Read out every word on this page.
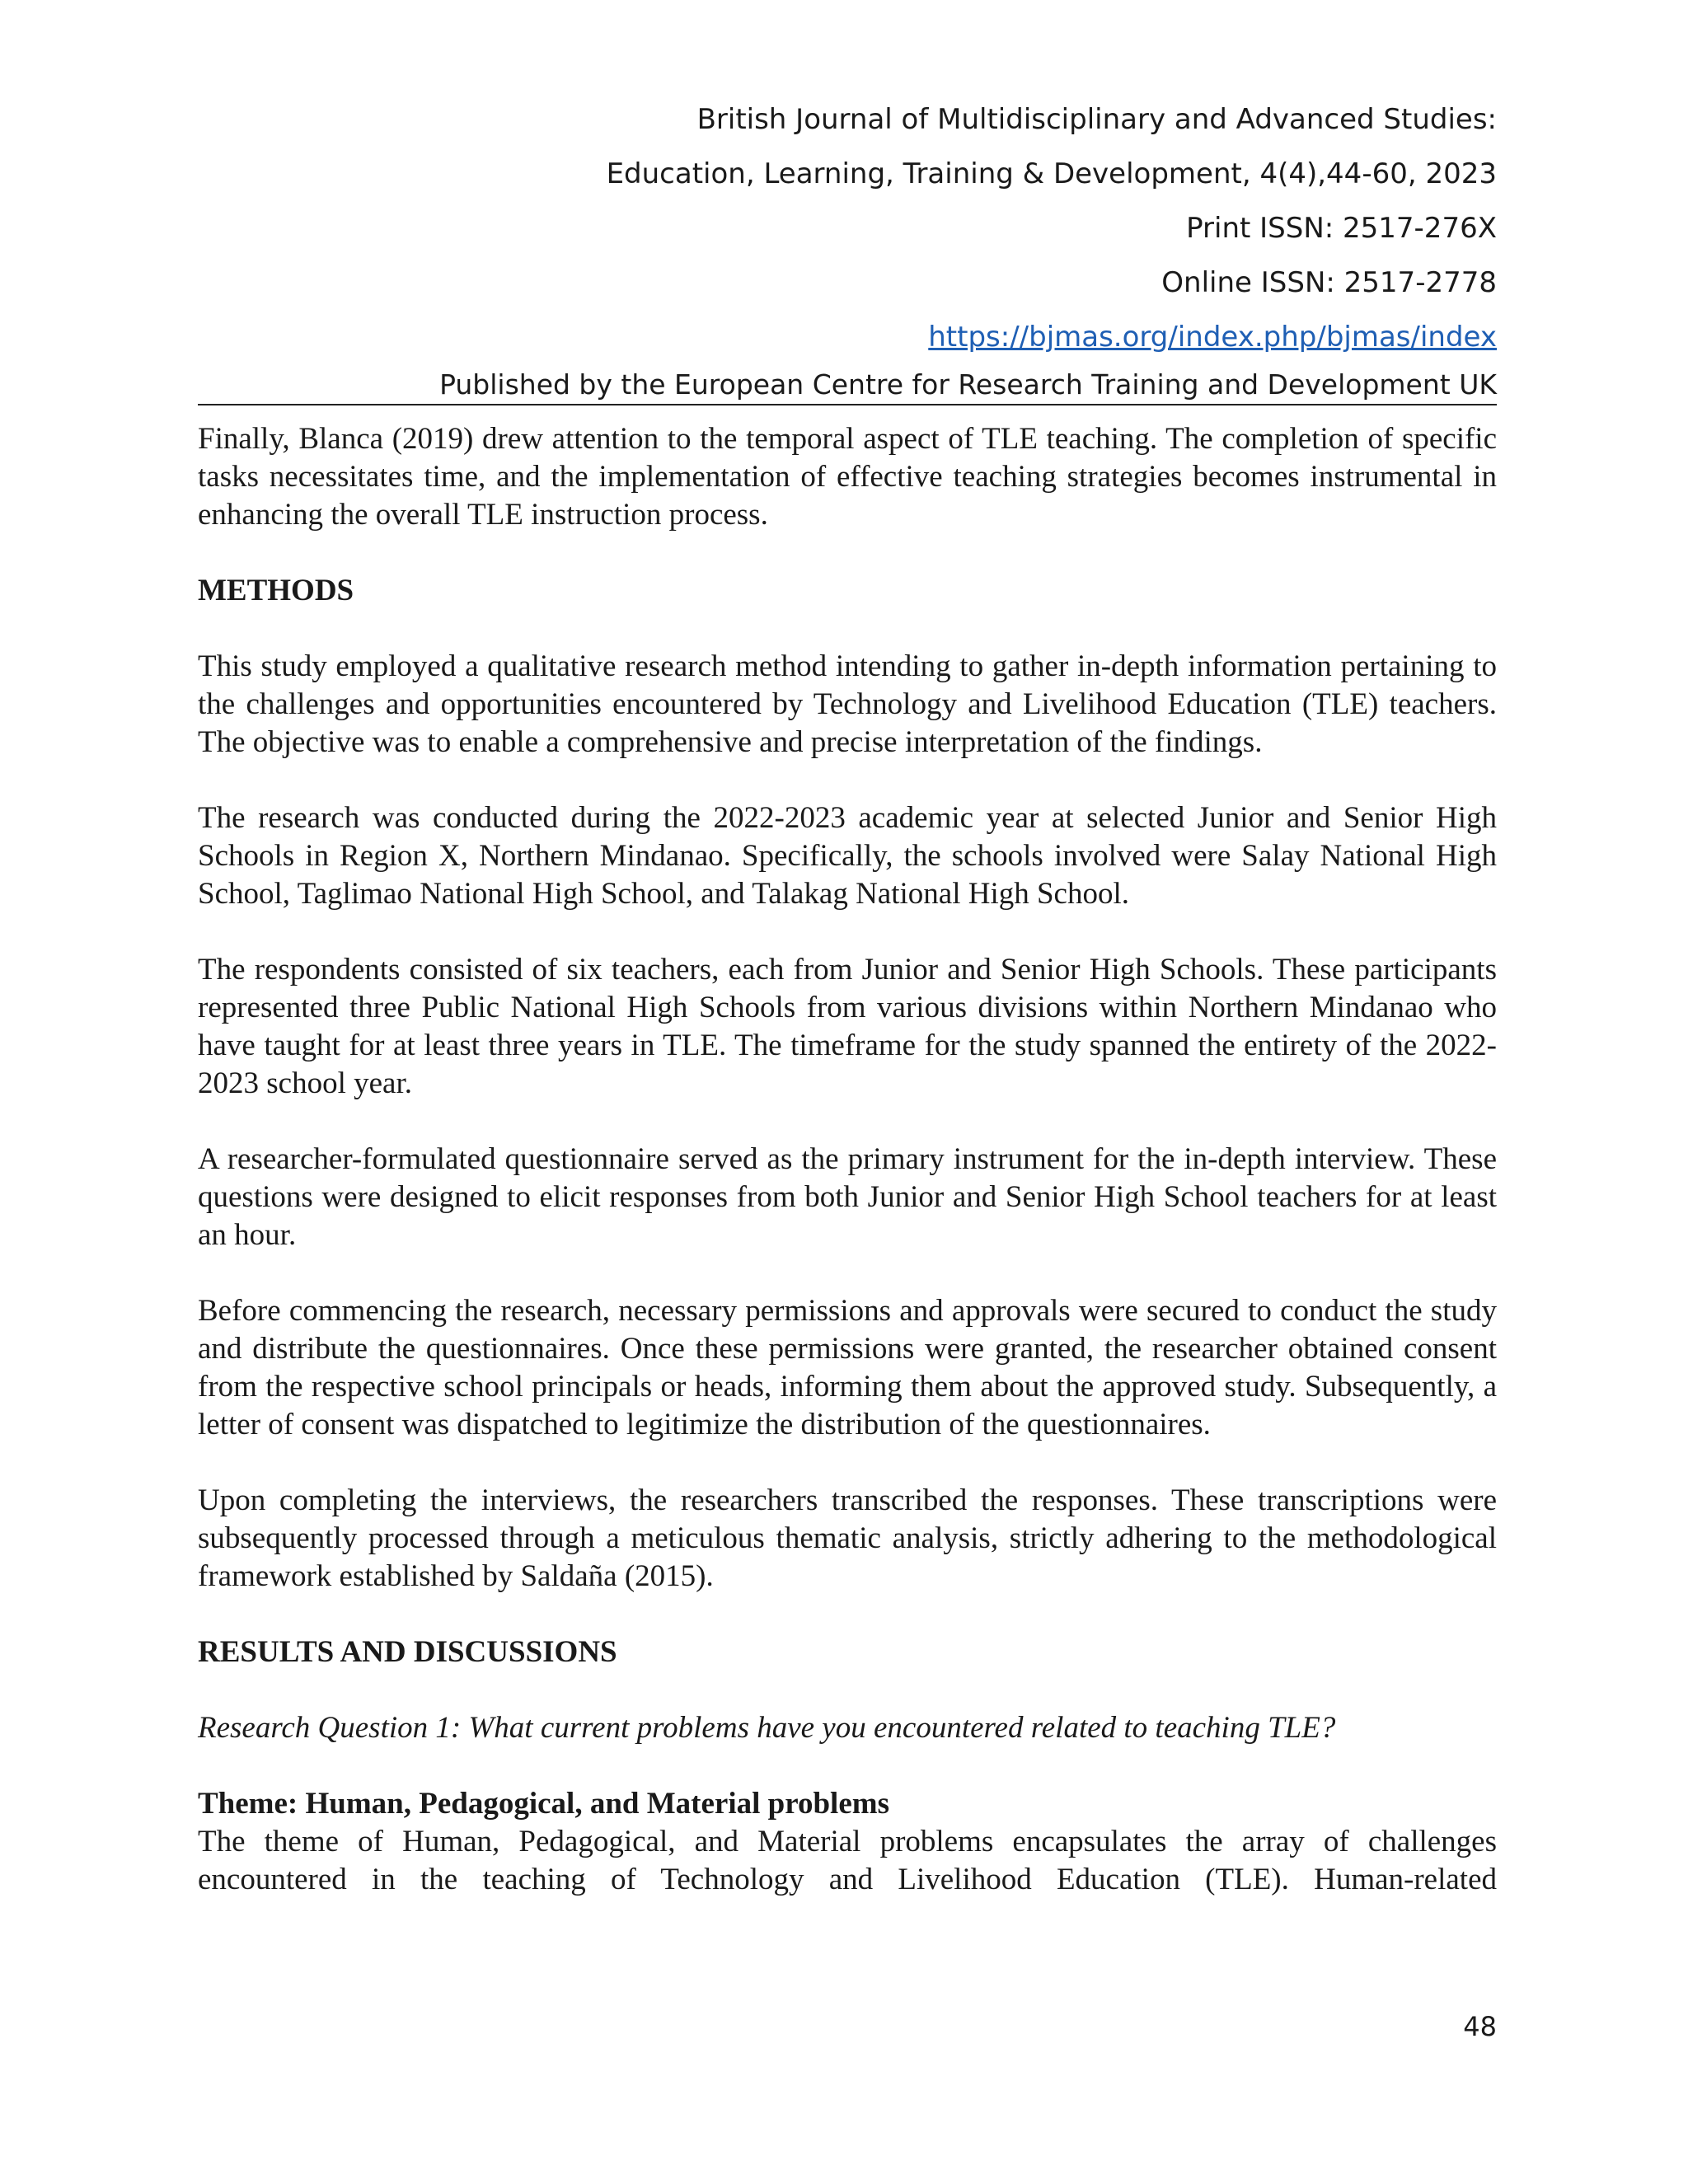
British Journal of Multidisciplinary and Advanced Studies:
Education, Learning, Training & Development, 4(4),44-60, 2023
Print ISSN: 2517-276X
Online ISSN: 2517-2778
https://bjmas.org/index.php/bjmas/index
Published by the European Centre for Research Training and Development UK

Finally, Blanca (2019) drew attention to the temporal aspect of TLE teaching. The completion of specific tasks necessitates time, and the implementation of effective teaching strategies becomes instrumental in enhancing the overall TLE instruction process.

METHODS

This study employed a qualitative research method intending to gather in-depth information pertaining to the challenges and opportunities encountered by Technology and Livelihood Education (TLE) teachers. The objective was to enable a comprehensive and precise interpretation of the findings.

The research was conducted during the 2022-2023 academic year at selected Junior and Senior High Schools in Region X, Northern Mindanao. Specifically, the schools involved were Salay National High School, Taglimao National High School, and Talakag National High School.

The respondents consisted of six teachers, each from Junior and Senior High Schools. These participants represented three Public National High Schools from various divisions within Northern Mindanao who have taught for at least three years in TLE. The timeframe for the study spanned the entirety of the 2022-2023 school year.

A researcher-formulated questionnaire served as the primary instrument for the in-depth interview. These questions were designed to elicit responses from both Junior and Senior High School teachers for at least an hour.

Before commencing the research, necessary permissions and approvals were secured to conduct the study and distribute the questionnaires. Once these permissions were granted, the researcher obtained consent from the respective school principals or heads, informing them about the approved study. Subsequently, a letter of consent was dispatched to legitimize the distribution of the questionnaires.

Upon completing the interviews, the researchers transcribed the responses. These transcriptions were subsequently processed through a meticulous thematic analysis, strictly adhering to the methodological framework established by Saldaña (2015).

RESULTS AND DISCUSSIONS

Research Question 1: What current problems have you encountered related to teaching TLE?

Theme: Human, Pedagogical, and Material problems

The theme of Human, Pedagogical, and Material problems encapsulates the array of challenges encountered in the teaching of Technology and Livelihood Education (TLE). Human-related

48
